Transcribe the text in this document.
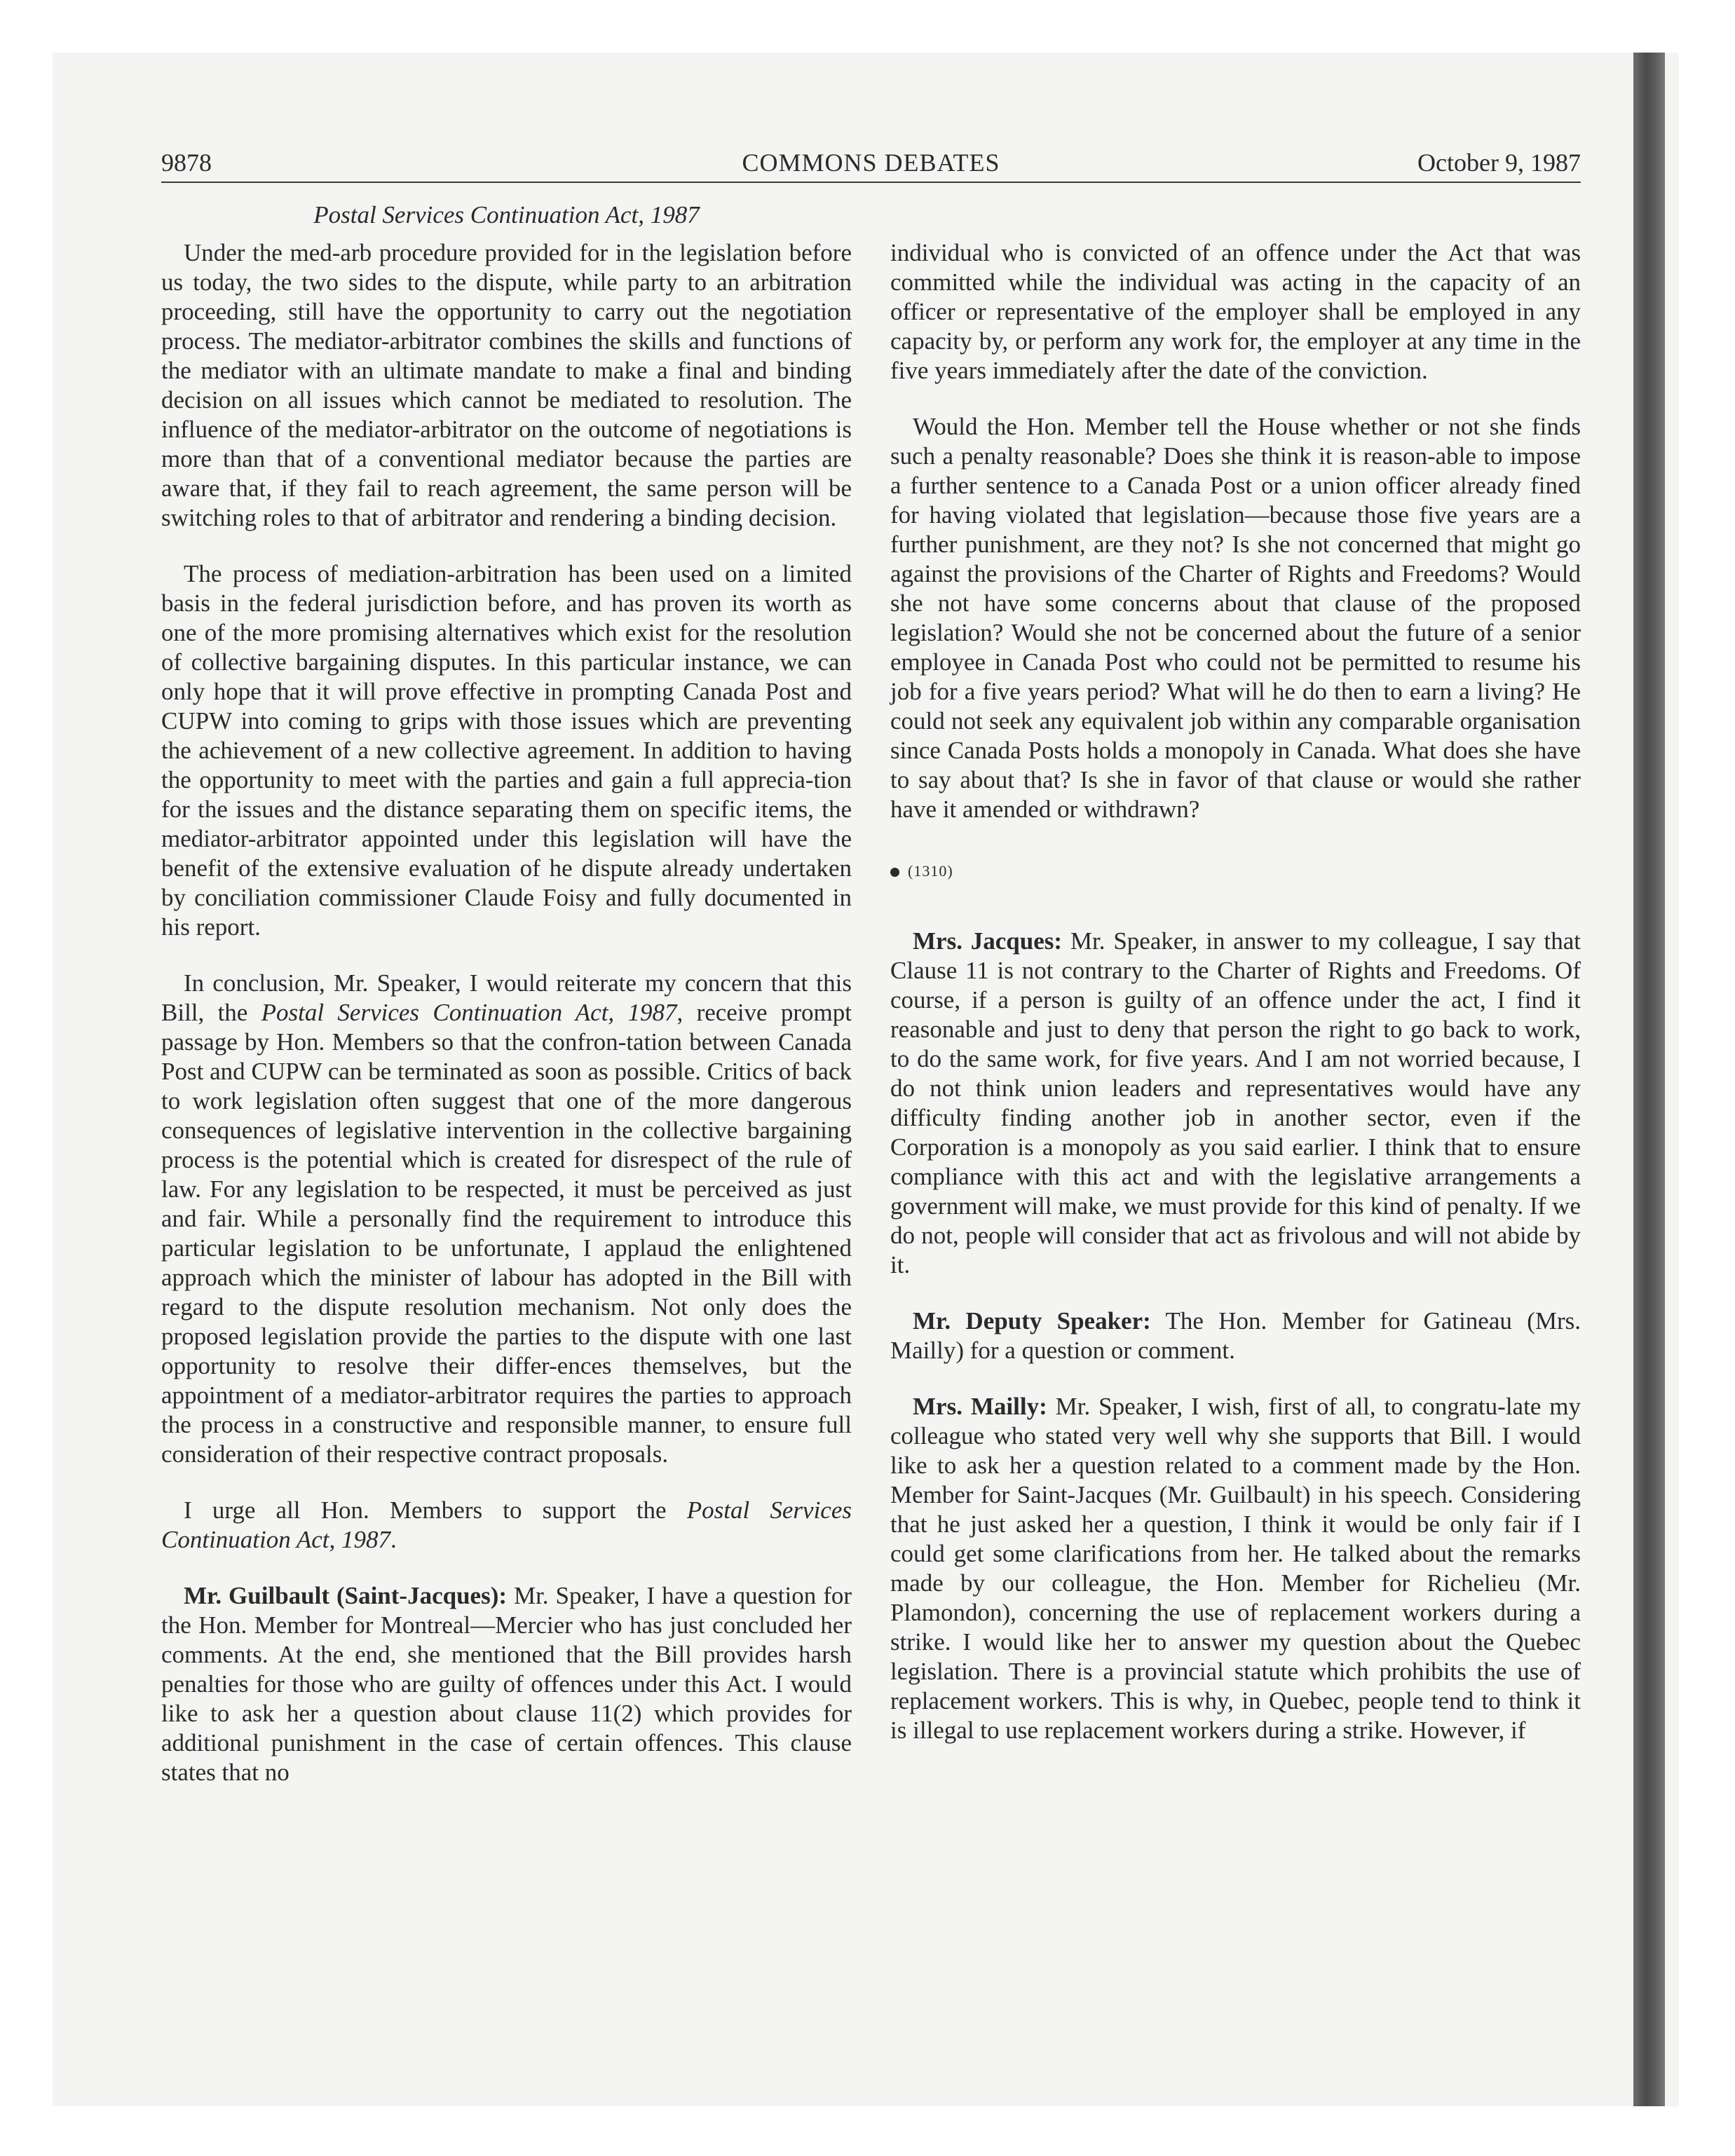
9878	COMMONS DEBATES	October 9, 1987
Postal Services Continuation Act, 1987

Under the med-arb procedure provided for in the legislation before us today, the two sides to the dispute, while party to an arbitration proceeding, still have the opportunity to carry out the negotiation process. The mediator-arbitrator combines the skills and functions of the mediator with an ultimate mandate to make a final and binding decision on all issues which cannot be mediated to resolution. The influence of the mediator-arbitrator on the outcome of negotiations is more than that of a conventional mediator because the parties are aware that, if they fail to reach agreement, the same person will be switching roles to that of arbitrator and rendering a binding decision.

The process of mediation-arbitration has been used on a limited basis in the federal jurisdiction before, and has proven its worth as one of the more promising alternatives which exist for the resolution of collective bargaining disputes. In this particular instance, we can only hope that it will prove effective in prompting Canada Post and CUPW into coming to grips with those issues which are preventing the achievement of a new collective agreement. In addition to having the opportunity to meet with the parties and gain a full apprecia-tion for the issues and the distance separating them on specific items, the mediator-arbitrator appointed under this legislation will have the benefit of the extensive evaluation of he dispute already undertaken by conciliation commissioner Claude Foisy and fully documented in his report.

In conclusion, Mr. Speaker, I would reiterate my concern that this Bill, the Postal Services Continuation Act, 1987, receive prompt passage by Hon. Members so that the confron-tation between Canada Post and CUPW can be terminated as soon as possible. Critics of back to work legislation often suggest that one of the more dangerous consequences of legislative intervention in the collective bargaining process is the potential which is created for disrespect of the rule of law. For any legislation to be respected, it must be perceived as just and fair. While a personally find the requirement to introduce this particular legislation to be unfortunate, I applaud the enlightened approach which the minister of labour has adopted in the Bill with regard to the dispute resolution mechanism. Not only does the proposed legislation provide the parties to the dispute with one last opportunity to resolve their differ-ences themselves, but the appointment of a mediator-arbitrator requires the parties to approach the process in a constructive and responsible manner, to ensure full consideration of their respective contract proposals.

I urge all Hon. Members to support the Postal Services Continuation Act, 1987.

Mr. Guilbault (Saint-Jacques): Mr. Speaker, I have a question for the Hon. Member for Montreal—Mercier who has just concluded her comments. At the end, she mentioned that the Bill provides harsh penalties for those who are guilty of offences under this Act. I would like to ask her a question about clause 11(2) which provides for additional punishment in the case of certain offences. This clause states that no

individual who is convicted of an offence under the Act that was committed while the individual was acting in the capacity of an officer or representative of the employer shall be employed in any capacity by, or perform any work for, the employer at any time in the five years immediately after the date of the conviction.

Would the Hon. Member tell the House whether or not she finds such a penalty reasonable? Does she think it is reason-able to impose a further sentence to a Canada Post or a union officer already fined for having violated that legislation—because those five years are a further punishment, are they not? Is she not concerned that might go against the provisions of the Charter of Rights and Freedoms? Would she not have some concerns about that clause of the proposed legislation? Would she not be concerned about the future of a senior employee in Canada Post who could not be permitted to resume his job for a five years period? What will he do then to earn a living? He could not seek any equivalent job within any comparable organisation since Canada Posts holds a monopoly in Canada. What does she have to say about that? Is she in favor of that clause or would she rather have it amended or withdrawn?

(1310)

Mrs. Jacques: Mr. Speaker, in answer to my colleague, I say that Clause 11 is not contrary to the Charter of Rights and Freedoms. Of course, if a person is guilty of an offence under the act, I find it reasonable and just to deny that person the right to go back to work, to do the same work, for five years. And I am not worried because, I do not think union leaders and representatives would have any difficulty finding another job in another sector, even if the Corporation is a monopoly as you said earlier. I think that to ensure compliance with this act and with the legislative arrangements a government will make, we must provide for this kind of penalty. If we do not, people will consider that act as frivolous and will not abide by it.

Mr. Deputy Speaker: The Hon. Member for Gatineau (Mrs. Mailly) for a question or comment.

Mrs. Mailly: Mr. Speaker, I wish, first of all, to congratu-late my colleague who stated very well why she supports that Bill. I would like to ask her a question related to a comment made by the Hon. Member for Saint-Jacques (Mr. Guilbault) in his speech. Considering that he just asked her a question, I think it would be only fair if I could get some clarifications from her. He talked about the remarks made by our colleague, the Hon. Member for Richelieu (Mr. Plamondon), concerning the use of replacement workers during a strike. I would like her to answer my question about the Quebec legislation. There is a provincial statute which prohibits the use of replacement workers. This is why, in Quebec, people tend to think it is illegal to use replacement workers during a strike. However, if
